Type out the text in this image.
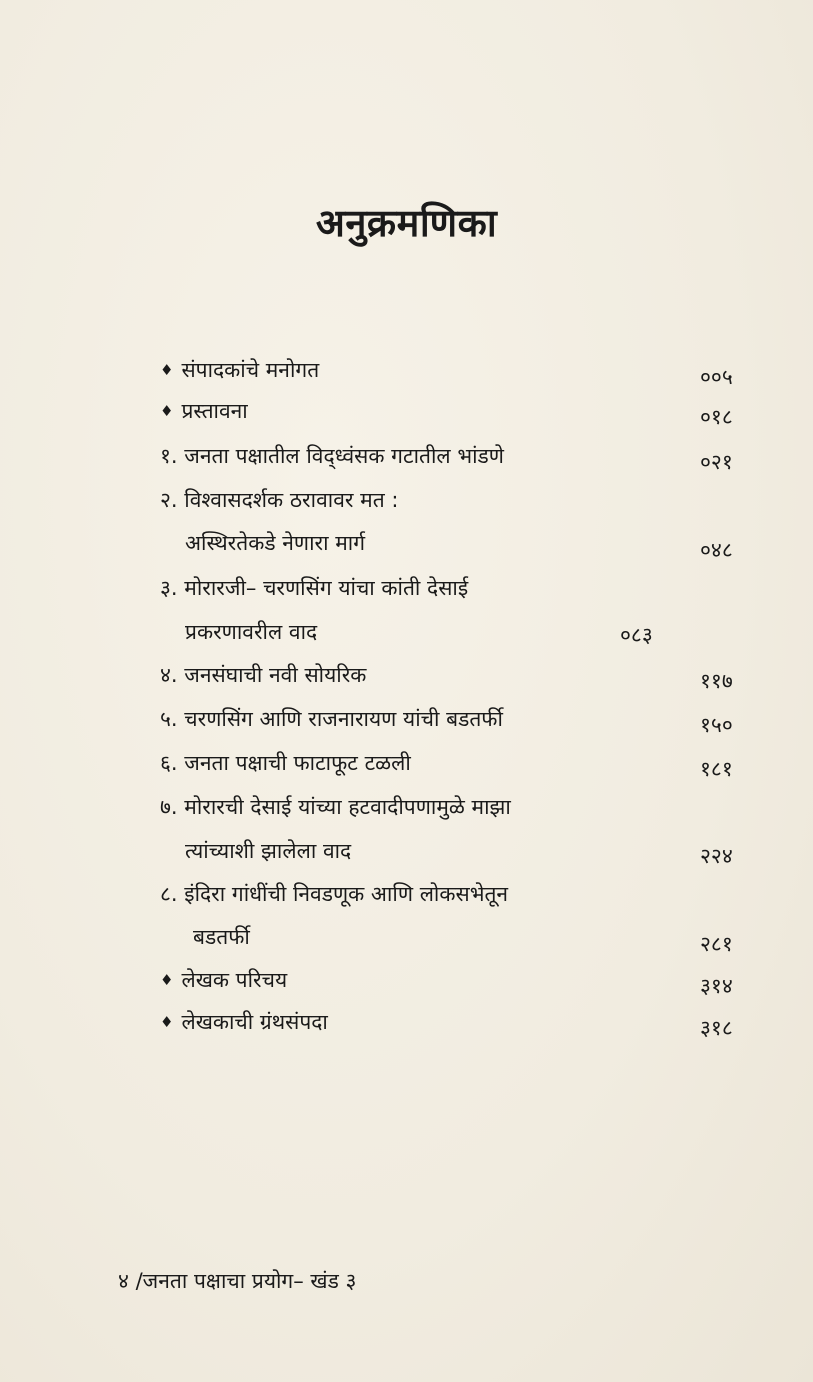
अनुक्रमणिका
♦ संपादकांचे मनोगत	००५
♦ प्रस्तावना	०१८
१. जनता पक्षातील विद्ध्वंसक गटातील भांडणे	०२१
२. विश्वासदर्शक ठरावावर मत :
अस्थिरतेकडे नेणारा मार्ग	०४८
३. मोरारजी– चरणसिंग यांचा कांती देसाई
प्रकरणावरील वाद	०८३
४. जनसंघाची नवी सोयरिक	११७
५. चरणसिंग आणि राजनारायण यांची बडतर्फी	१५०
६. जनता पक्षाची फाटाफूट टळली	१८१
७. मोरारची देसाई यांच्या हटवादीपणामुळे माझा
त्यांच्याशी झालेला वाद	२२४
८. इंदिरा गांधींची निवडणूक आणि लोकसभेतून
बडतर्फी	२८१
♦ लेखक परिचय	३१४
♦ लेखकाची ग्रंथसंपदा	३१८
४ /जनता पक्षाचा प्रयोग– खंड ३
